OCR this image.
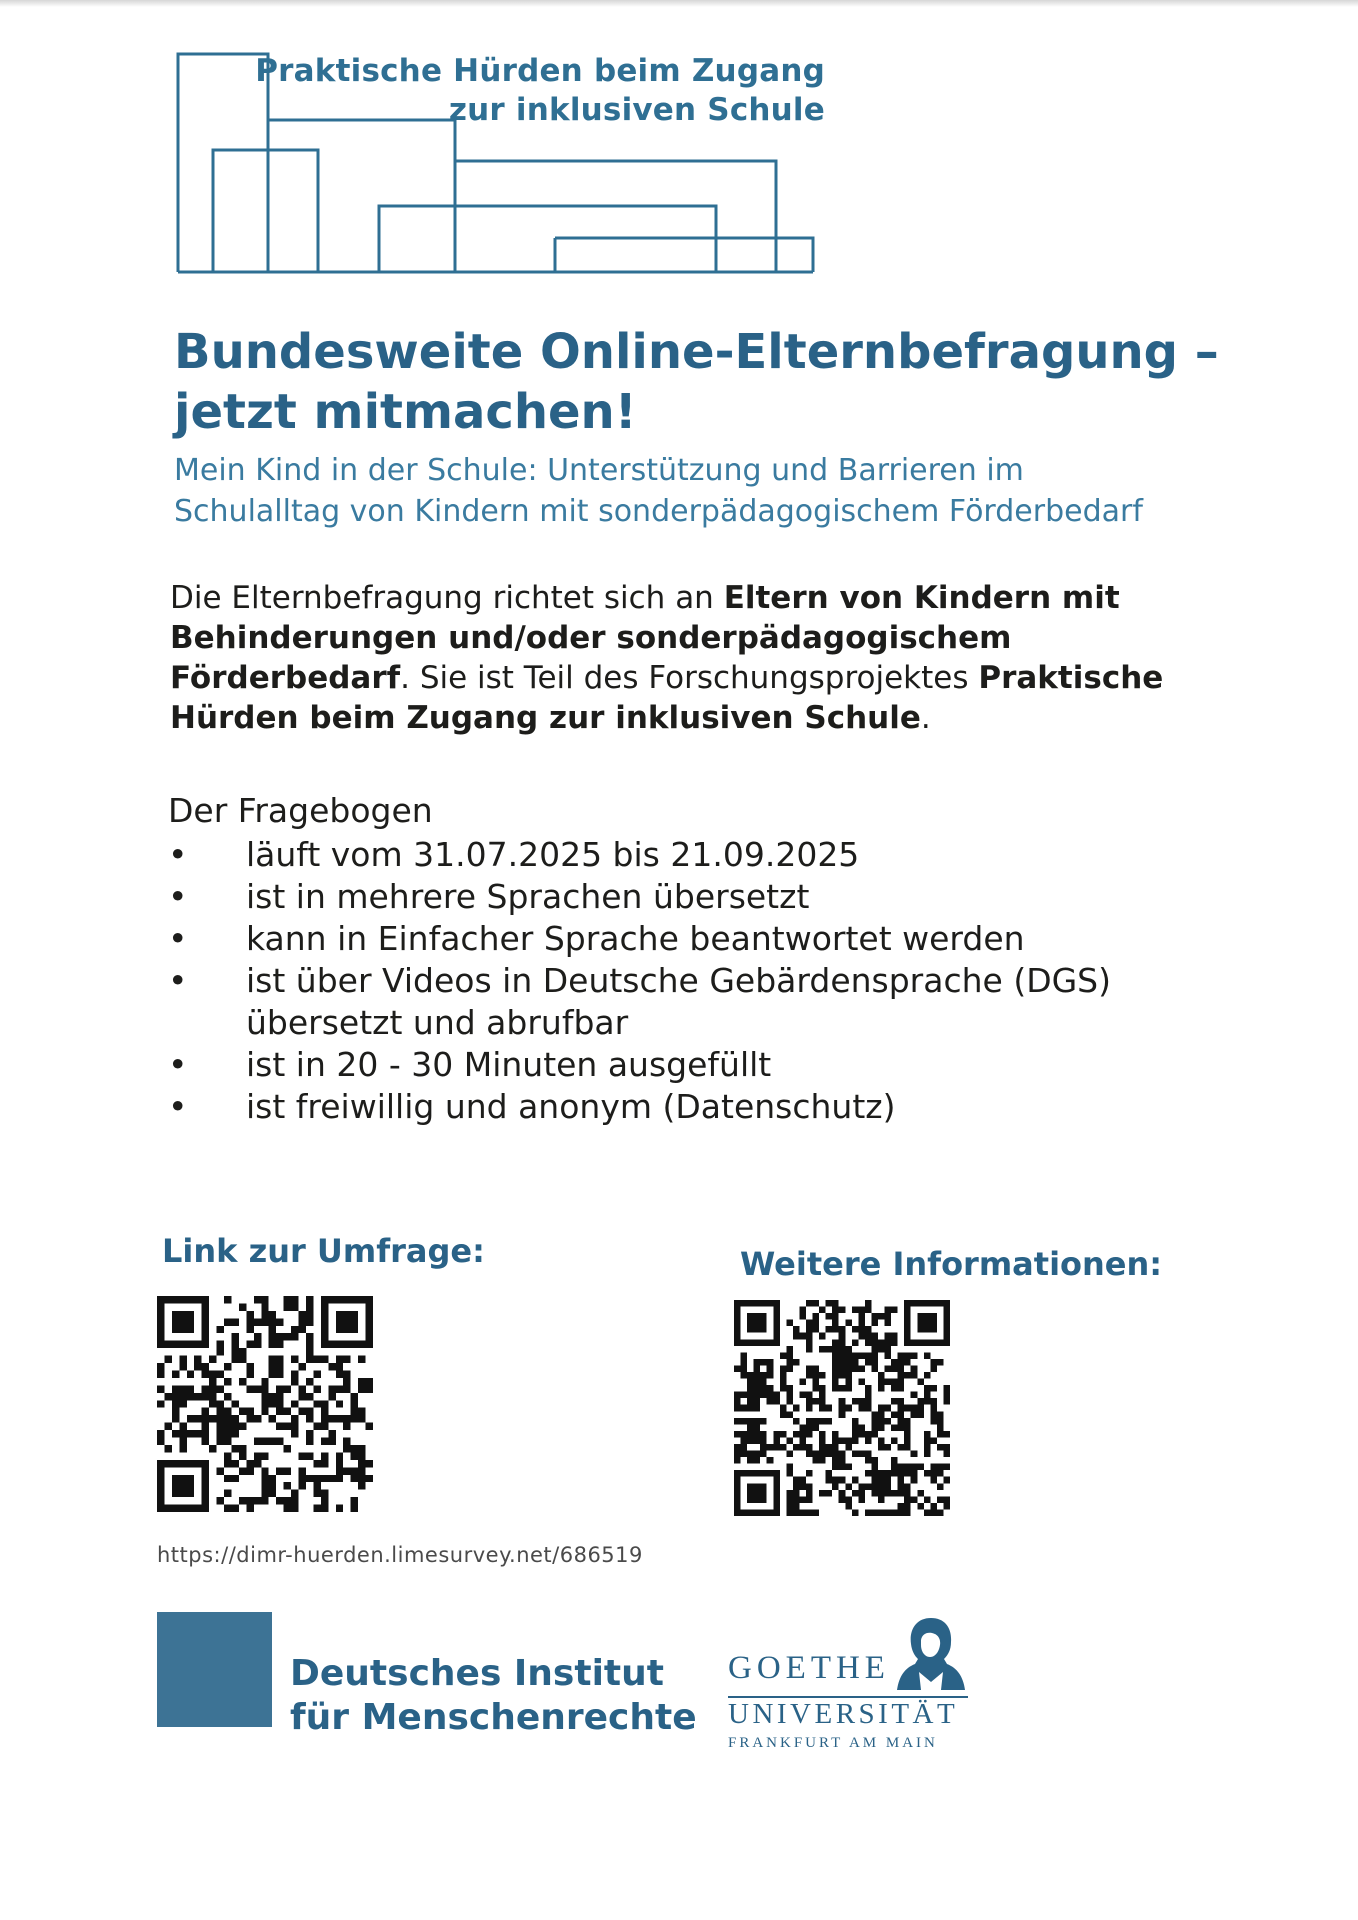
Praktische Hürden beim Zugang
zur inklusiven Schule
Bundesweite Online-Elternbefragung –
jetzt mitmachen!

Mein Kind in der Schule: Unterstützung und Barrieren im
Schulalltag von Kindern mit sonderpädagogischem Förderbedarf

Die Elternbefragung richtet sich an Eltern von Kindern mit Behinderungen und/oder sonderpädagogischem Förderbedarf. Sie ist Teil des Forschungsprojektes Praktische Hürden beim Zugang zur inklusiven Schule.

Der Fragebogen

• läuft vom 31.07.2025 bis 21.09.2025
• ist in mehrere Sprachen übersetzt
• kann in Einfacher Sprache beantwortet werden
• ist über Videos in Deutsche Gebärdensprache (DGS) übersetzt und abrufbar
• ist in 20 - 30 Minuten ausgefüllt
• ist freiwillig und anonym (Datenschutz)

Link zur Umfrage:	Weitere Informationen:

https://dimr-huerden.limesurvey.net/686519
Deutsches Institut
für Menschenrechte
GOETHE
UNIVERSITÄT
FRANKFURT AM MAIN
